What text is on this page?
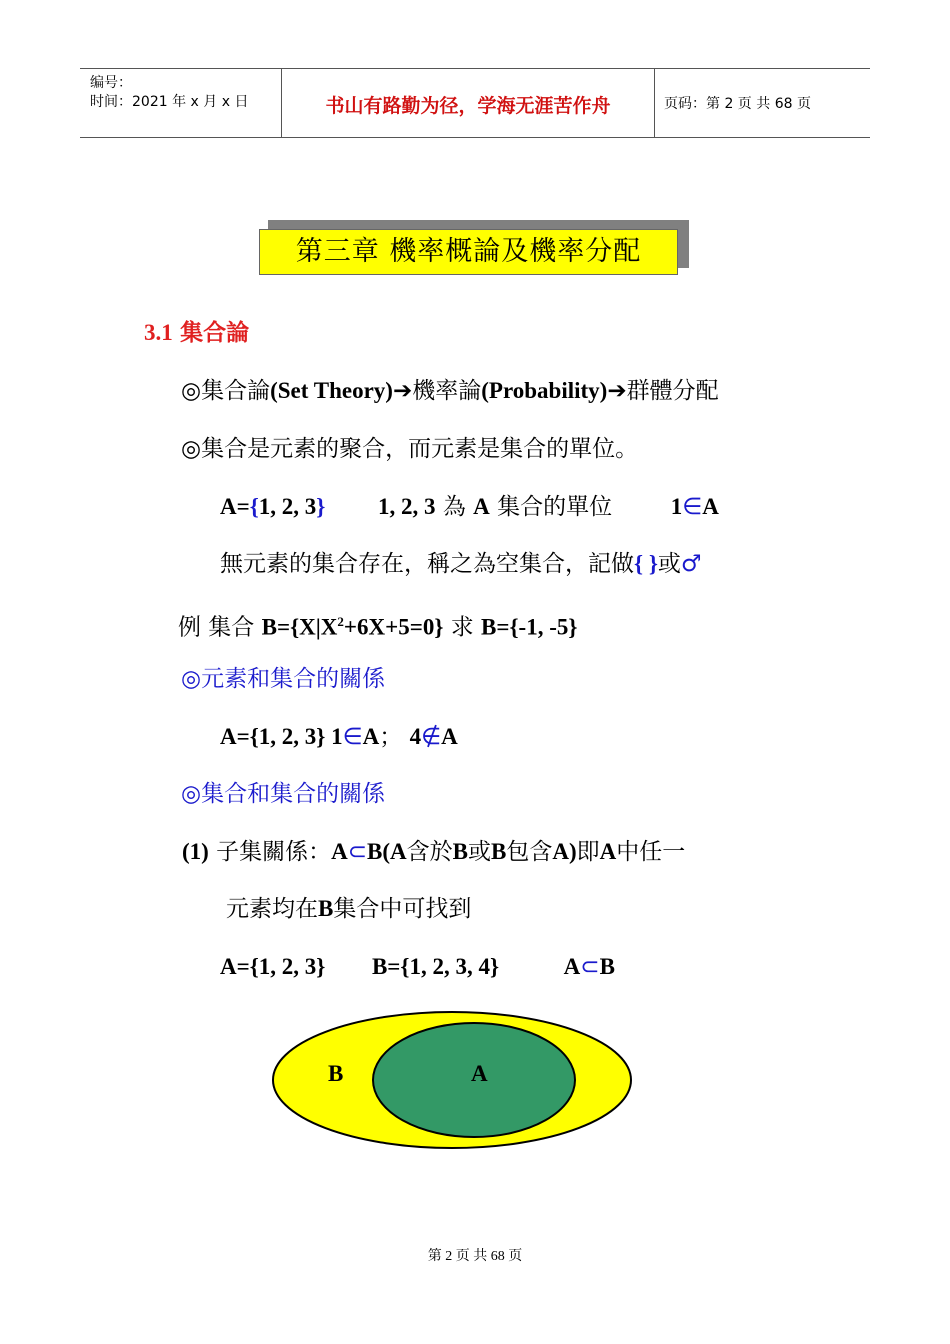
编号：
时间：2021 年 x 月 x 日	书山有路勤为径，学海无涯苦作舟	页码：第 2 页 共 68 页
第三章 機率概論及機率分配
3.1 集合論
◎集合論(Set Theory)➔機率論(Probability)➔群體分配
◎集合是元素的聚合，而元素是集合的單位。
A={1, 2, 3} 1, 2, 3 為 A 集合的單位	1∈A
無元素的集合存在，稱之為空集合，記做{ }或♂
例 集合 $B=\{X|X^2+6X+5=0\}$ 求 B={-1, -5}
◎元素和集合的關係
A={1, 2, 3} 1∈A； 4∉A
◎集合和集合的關係
(1) 子集關係：A⊂B(A含於B或B包含A)即A中任一
元素均在B集合中可找到
A={1, 2, 3} B={1, 2, 3, 4}	A⊂B
B	A
第 2 页 共 68 页
